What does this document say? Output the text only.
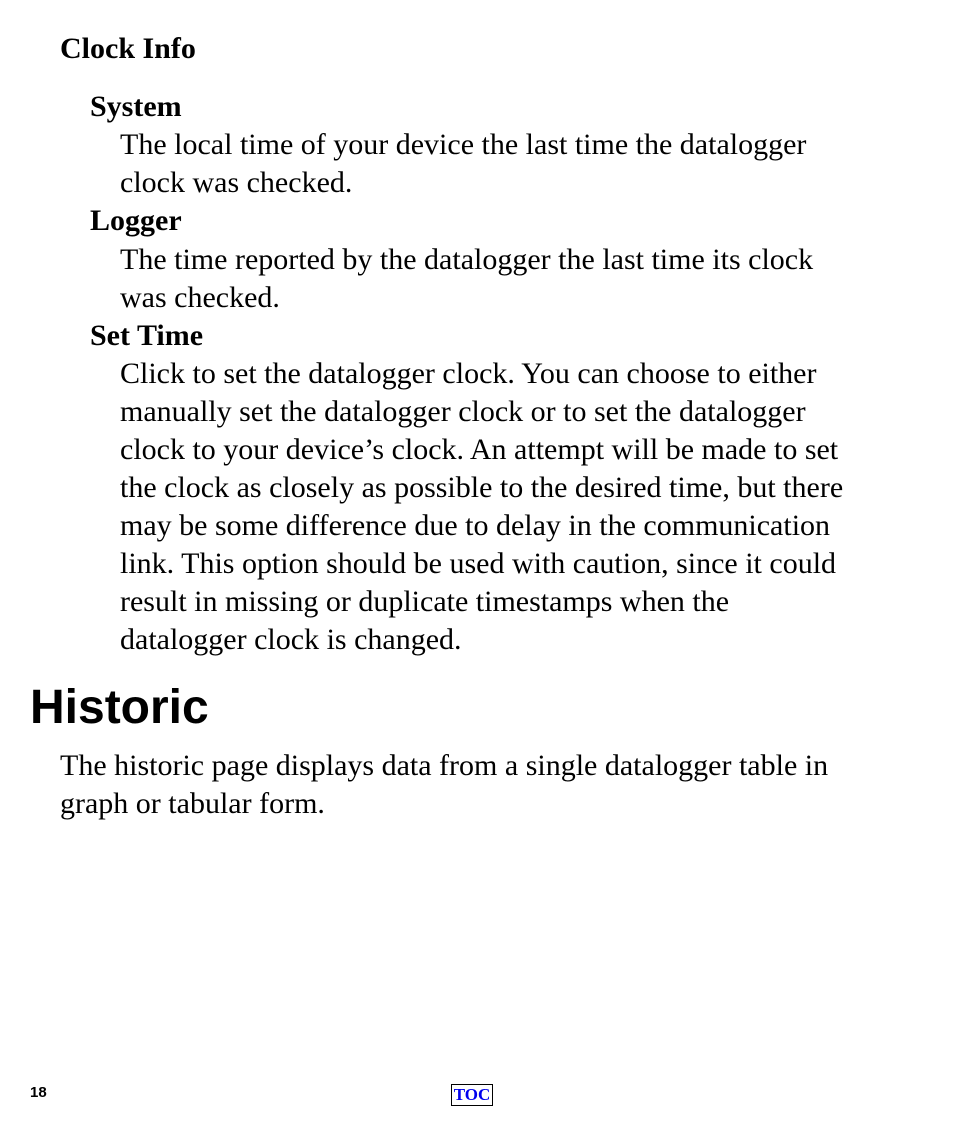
Clock Info
System
The local time of your device the last time the datalogger
clock was checked.
Logger
The time reported by the datalogger the last time its clock
was checked.
Set Time
Click to set the datalogger clock. You can choose to either
manually set the datalogger clock or to set the datalogger
clock to your device’s clock. An attempt will be made to set
the clock as closely as possible to the desired time, but there
may be some difference due to delay in the communication
link. This option should be used with caution, since it could
result in missing or duplicate timestamps when the
datalogger clock is changed.
Historic
The historic page displays data from a single datalogger table in
graph or tabular form.
18	TOC
